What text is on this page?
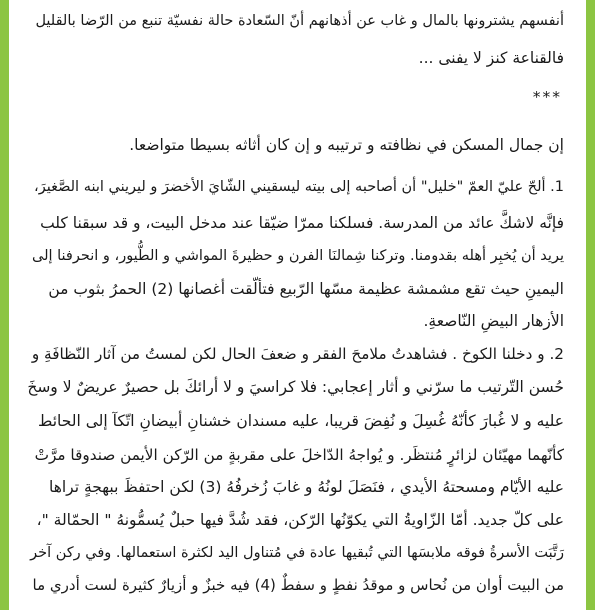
أنفسهم يشترونها بالمال و غاب عن أذهانهم أنّ السّعادة حالة نفسيّة تنبع من الرّضا بالقليل
فالقناعة كنز لا يفنى ...
***
إن جمال المسكن في نظافته و ترتيبه و إن كان أثاثه بسيطا متواضعا.
1. ألحّ عليّ العمّ "خليل" أن أصاحبه إلى بيته ليسقيني الشّايَ الأخضرَ و ليريني ابنه الصَّغيرَ،
فإنَّه لاشكَّ عائد من المدرسة. فسلكنا ممرّا ضيّقا عند مدخل البيت، و قد سبقنا كلب
يريد أن يُخبِر أهله بقدومنا. وتركنا شِمالنَا الفرن و حظيرةَ المواشي و الطُّيور، و انحرفنا إلى
اليمينِ حيث تقع مشمشة عظيمة مسّها الرّبيع فتألّقت أغصانها (2) الحمرُ بثوب من
الأزهار البيضِ النّاصعةِ.
2. و دخلنا الكوخ . فشاهدتُ ملامحَ الفقر و ضعفَ الحال لكن لمستُ من آثار النّظافَةِ و
حُسن التّرتيب ما سرّني و أثار إعجابي: فلا كراسيَ و لا أرائكَ بل حصيرٌ عريضٌ لا وسخَ
عليه و لا غُبارَ كأنّهُ غُسِلَ و نُفِضَ قريبا، عليه مسندان خشنانِ أبيضانِ اتّكآ إلى الحائط
كأنّهما مهيّئان لزائرٍ مُنتظَر. و يُواجهُ الدّاخلَ على مقربةٍ من الرّكن الأيمن صندوقا مرَّتْ
عليه الأيّام ومسحتهُ الأيدي ، فنَصَلَ لونُهُ و غابَ زُخرفُهُ (3) لكن احتفظَ ببهجةٍ تراها
على كلّ جديد. أمّا الزّاويةُ التي يكوّنُها الرّكن، فقد شُدَّ فيها حبلٌ يُسمُّونهُ " الحمّالة "،
رَتَّبَت الأسرةُ فوقه ملابسَها التي تُبقيها عادة في مُتناول اليد لكثرة استعمالها. وفي ركن آخر
من البيت أوان من نُحاس و موقدُ نفطٍ و سفطٌ (4) فيه خبزٌ و أزيارٌ كثيرة لست أدري ما
